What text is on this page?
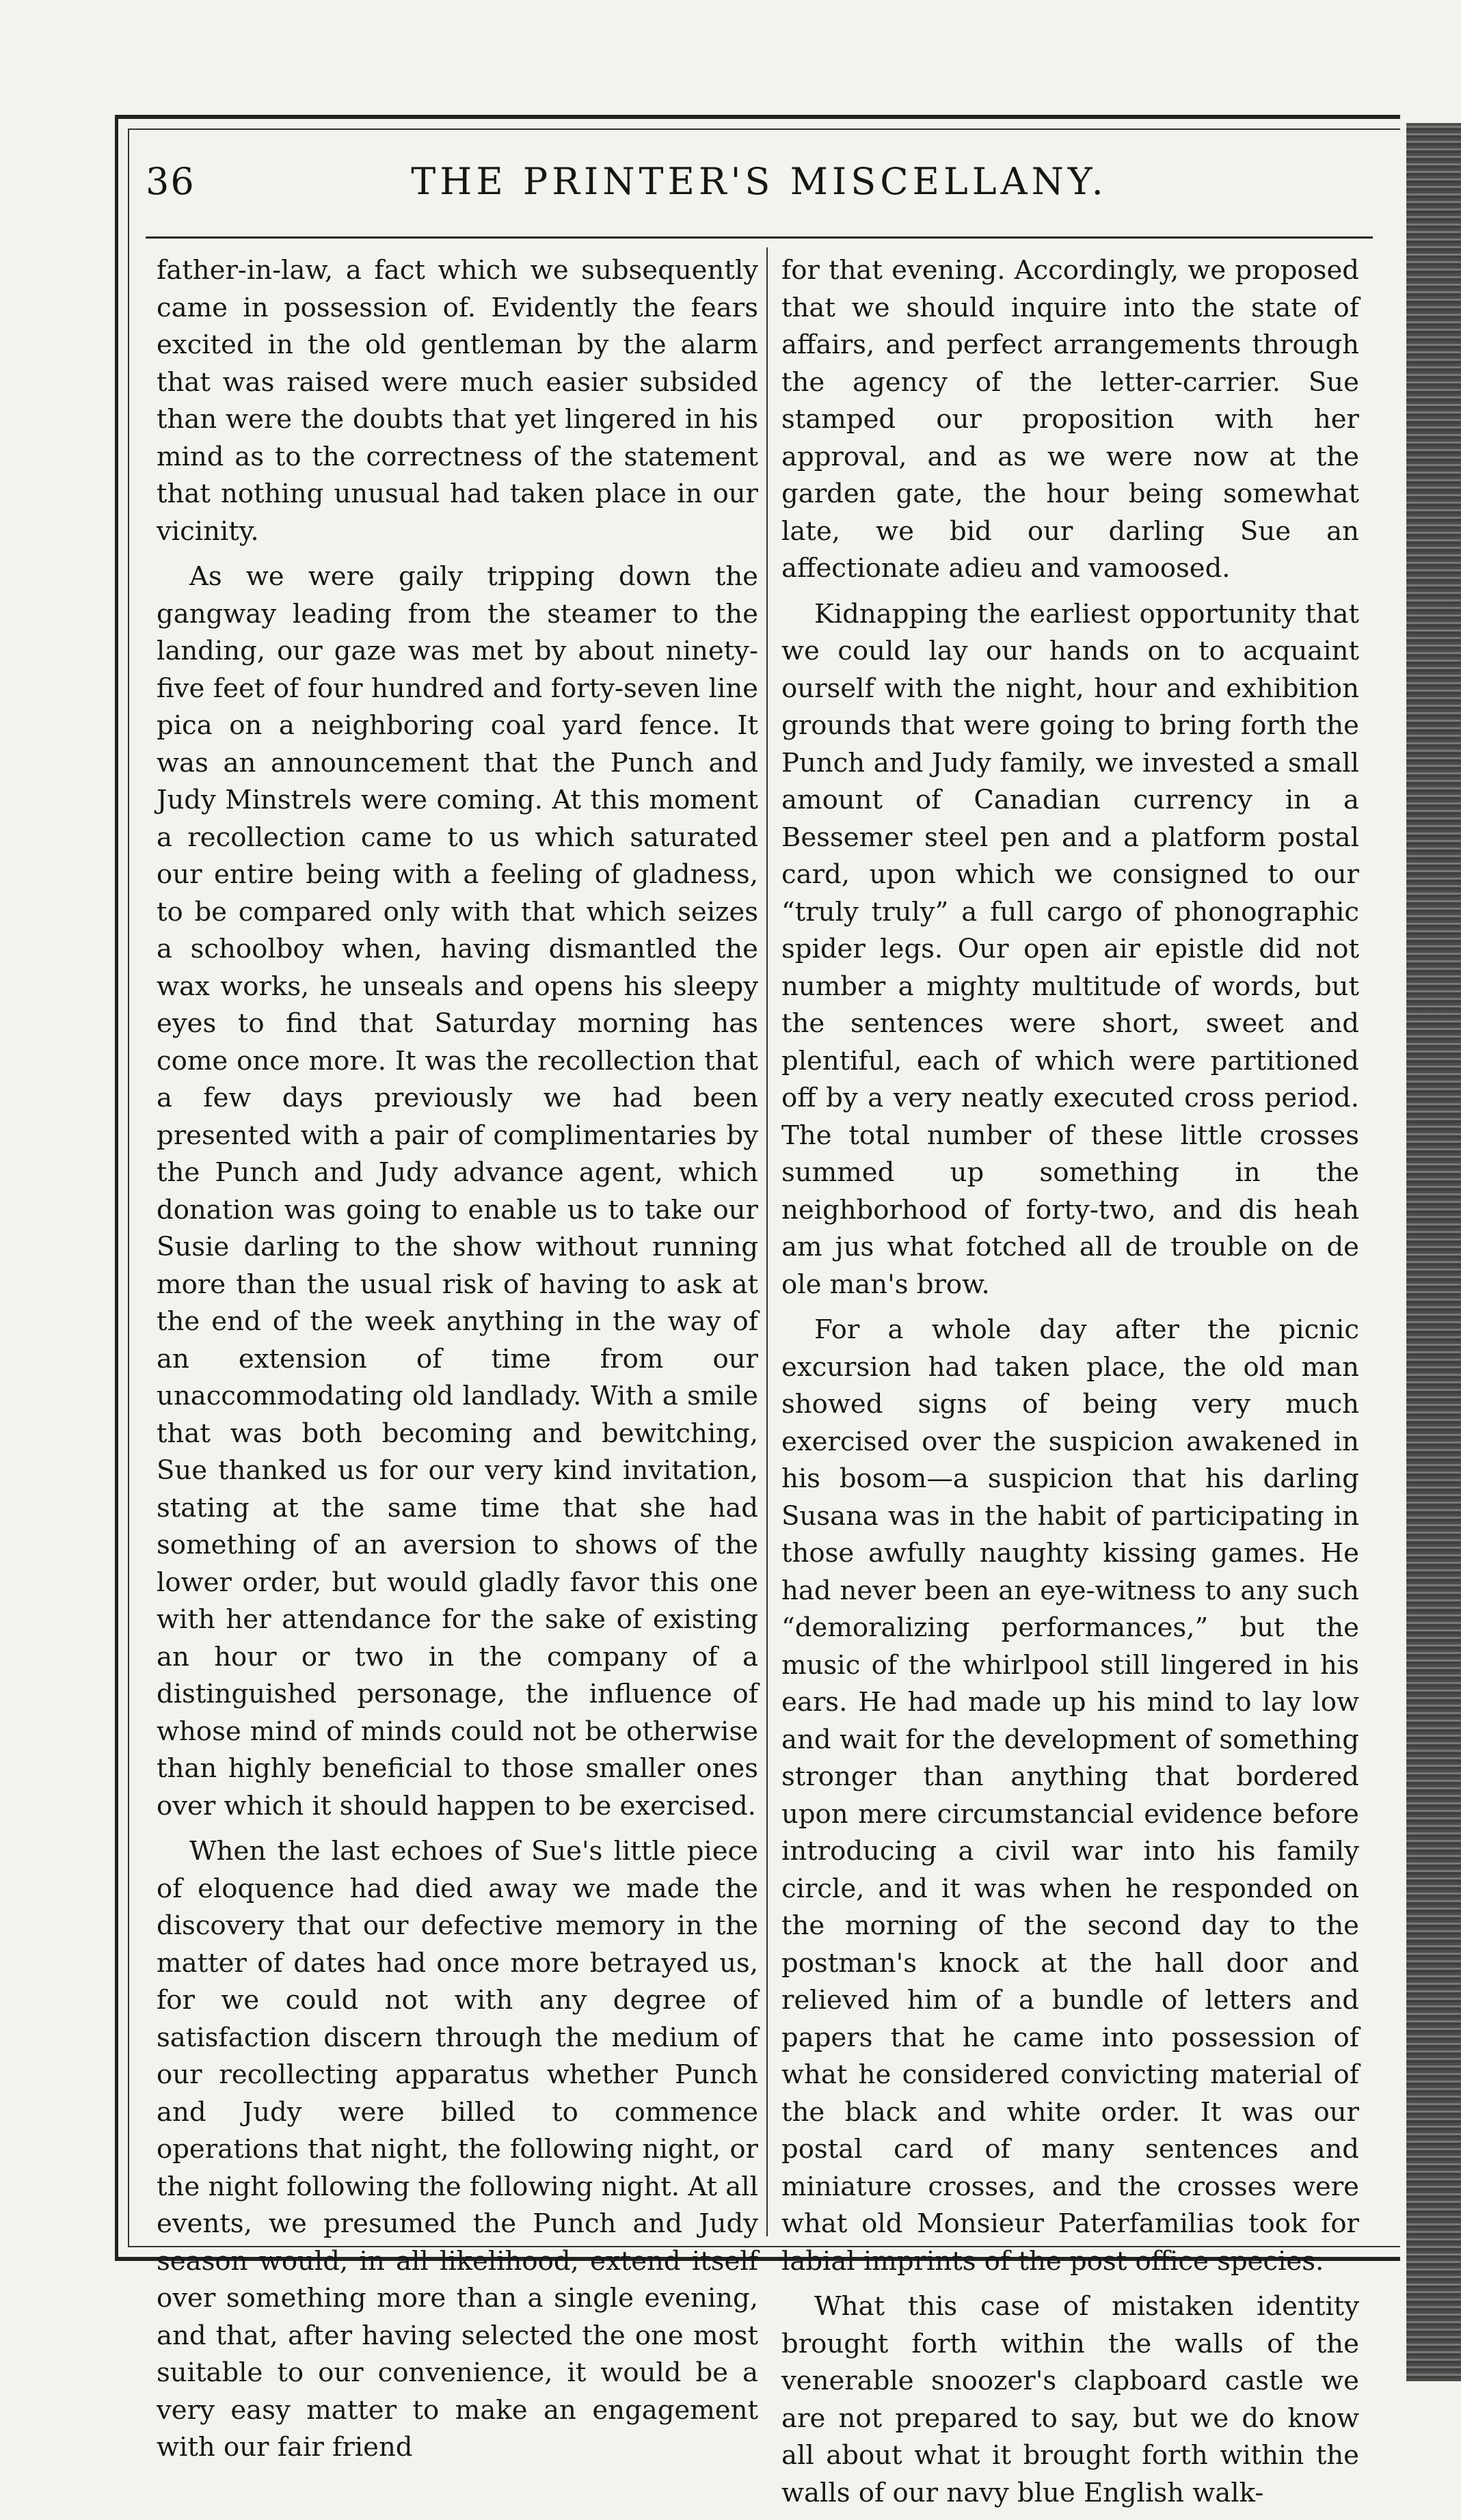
36	THE PRINTER'S MISCELLANY.

father-in-law, a fact which we subsequently came in possession of. Evidently the fears excited in the old gentleman by the alarm that was raised were much easier subsided than were the doubts that yet lingered in his mind as to the correctness of the statement that nothing unusual had taken place in our vicinity.

As we were gaily tripping down the gangway leading from the steamer to the landing, our gaze was met by about ninety-five feet of four hundred and forty-seven line pica on a neighboring coal yard fence. It was an announcement that the Punch and Judy Minstrels were coming. At this moment a recollection came to us which saturated our entire being with a feeling of gladness, to be compared only with that which seizes a schoolboy when, having dismantled the wax works, he unseals and opens his sleepy eyes to find that Saturday morning has come once more. It was the recollection that a few days previously we had been presented with a pair of complimentaries by the Punch and Judy advance agent, which donation was going to enable us to take our Susie darling to the show without running more than the usual risk of having to ask at the end of the week anything in the way of an extension of time from our unaccommodating old landlady. With a smile that was both becoming and bewitching, Sue thanked us for our very kind invitation, stating at the same time that she had something of an aversion to shows of the lower order, but would gladly favor this one with her attendance for the sake of existing an hour or two in the company of a distinguished personage, the influence of whose mind of minds could not be otherwise than highly beneficial to those smaller ones over which it should happen to be exercised.

When the last echoes of Sue's little piece of eloquence had died away we made the discovery that our defective memory in the matter of dates had once more betrayed us, for we could not with any degree of satisfaction discern through the medium of our recollecting apparatus whether Punch and Judy were billed to commence operations that night, the following night, or the night following the following night. At all events, we presumed the Punch and Judy season would, in all likelihood, extend itself over something more than a single evening, and that, after having selected the one most suitable to our convenience, it would be a very easy matter to make an engagement with our fair friend

for that evening. Accordingly, we proposed that we should inquire into the state of affairs, and perfect arrangements through the agency of the letter-carrier. Sue stamped our proposition with her approval, and as we were now at the garden gate, the hour being somewhat late, we bid our darling Sue an affectionate adieu and vamoosed.

Kidnapping the earliest opportunity that we could lay our hands on to acquaint ourself with the night, hour and exhibition grounds that were going to bring forth the Punch and Judy family, we invested a small amount of Canadian currency in a Bessemer steel pen and a platform postal card, upon which we consigned to our “truly truly” a full cargo of phonographic spider legs. Our open air epistle did not number a mighty multitude of words, but the sentences were short, sweet and plentiful, each of which were partitioned off by a very neatly executed cross period. The total number of these little crosses summed up something in the neighborhood of forty-two, and dis heah am jus what fotched all de trouble on de ole man's brow.

For a whole day after the picnic excursion had taken place, the old man showed signs of being very much exercised over the suspicion awakened in his bosom—a suspicion that his darling Susana was in the habit of participating in those awfully naughty kissing games. He had never been an eye-witness to any such “demoralizing performances,” but the music of the whirlpool still lingered in his ears. He had made up his mind to lay low and wait for the development of something stronger than anything that bordered upon mere circumstancial evidence before introducing a civil war into his family circle, and it was when he responded on the morning of the second day to the postman's knock at the hall door and relieved him of a bundle of letters and papers that he came into possession of what he considered convicting material of the black and white order. It was our postal card of many sentences and miniature crosses, and the crosses were what old Monsieur Paterfamilias took for labial imprints of the post office species.

What this case of mistaken identity brought forth within the walls of the venerable snoozer's clapboard castle we are not prepared to say, but we do know all about what it brought forth within the walls of our navy blue English walk-
